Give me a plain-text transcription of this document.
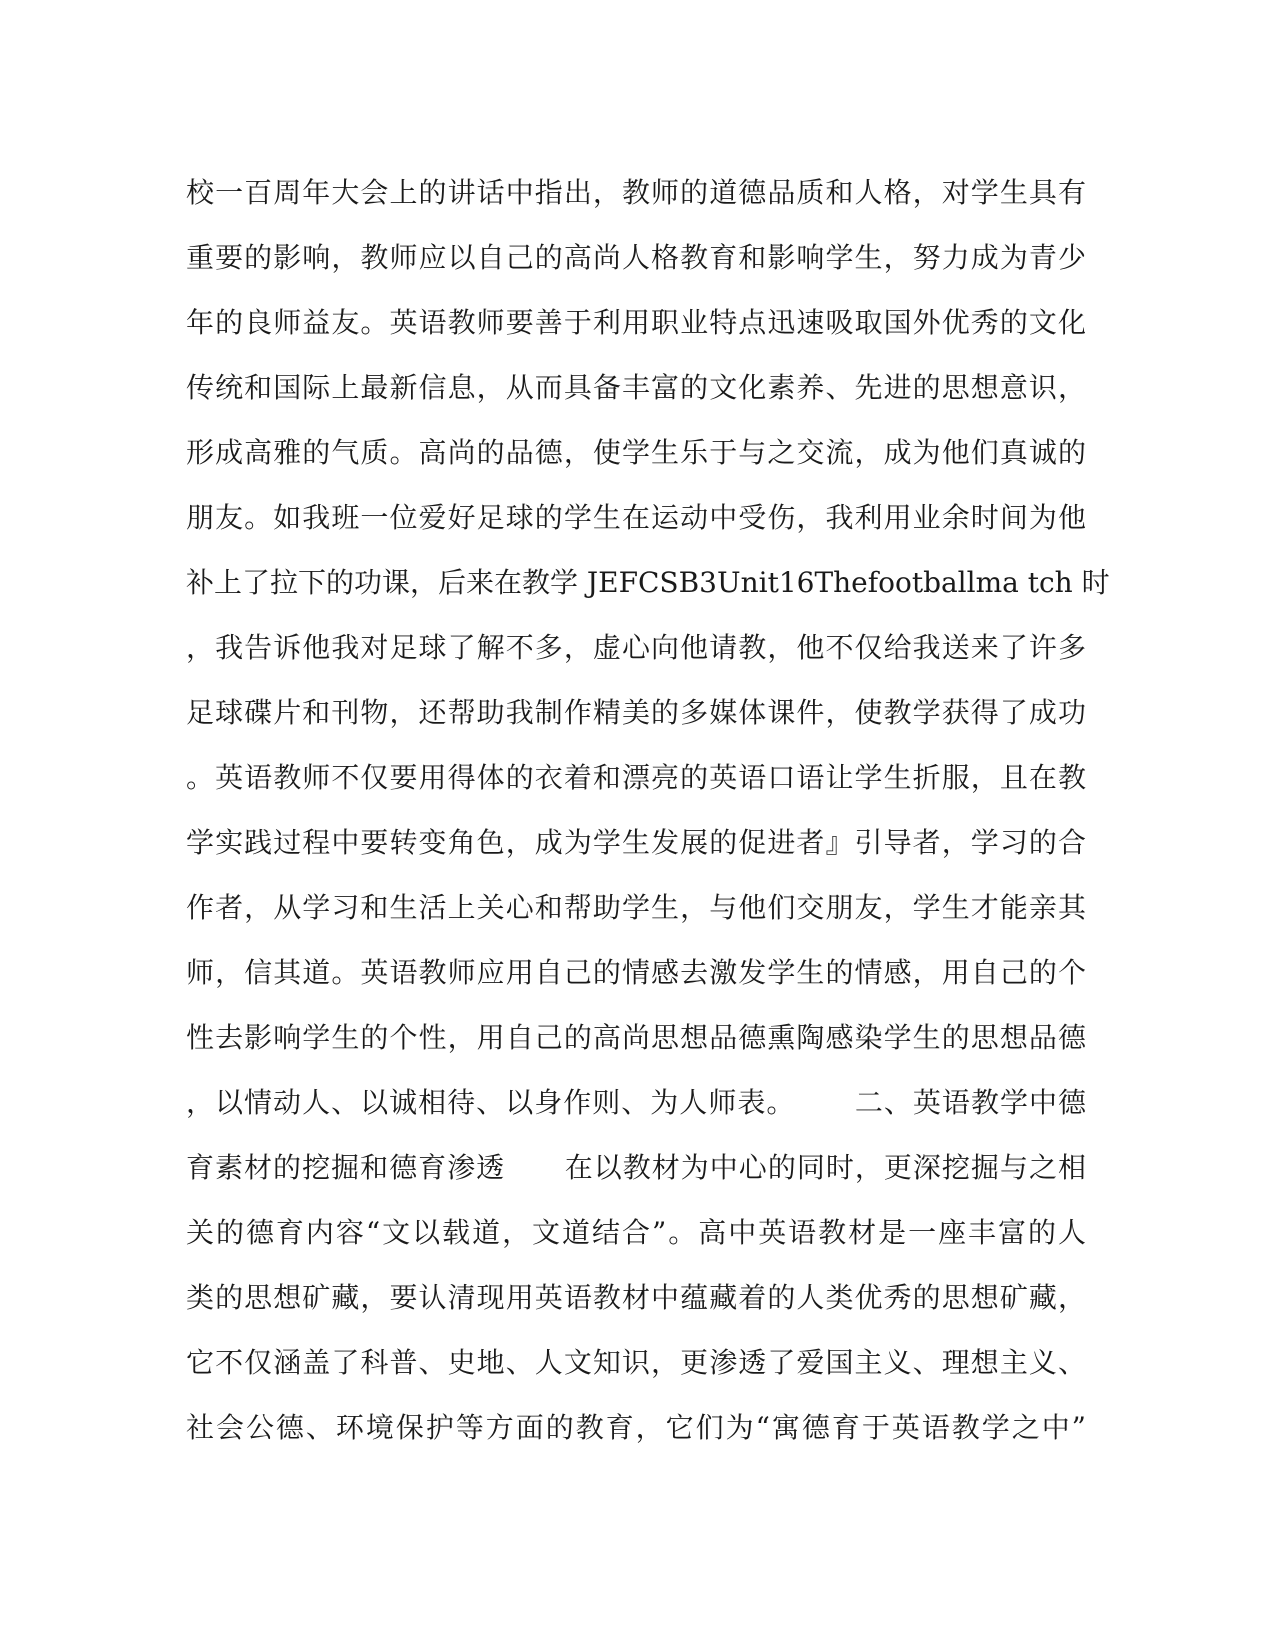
校一百周年大会上的讲话中指出，教师的道德品质和人格，对学生具有
重要的影响，教师应以自己的高尚人格教育和影响学生，努力成为青少
年的良师益友。英语教师要善于利用职业特点迅速吸取国外优秀的文化
传统和国际上最新信息，从而具备丰富的文化素养、先进的思想意识，
形成高雅的气质。高尚的品德，使学生乐于与之交流，成为他们真诚的
朋友。如我班一位爱好足球的学生在运动中受伤，我利用业余时间为他
补上了拉下的功课，后来在教学 JEFCSB3Unit16Thefootballma tch 时
，我告诉他我对足球了解不多，虚心向他请教，他不仅给我送来了许多
足球碟片和刊物，还帮助我制作精美的多媒体课件，使教学获得了成功
。英语教师不仅要用得体的衣着和漂亮的英语口语让学生折服，且在教
学实践过程中要转变角色，成为学生发展的促进者』引导者，学习的合
作者，从学习和生活上关心和帮助学生，与他们交朋友，学生才能亲其
师，信其道。英语教师应用自己的情感去激发学生的情感，用自己的个
性去影响学生的个性，用自己的高尚思想品德熏陶感染学生的思想品德
，以情动人、以诚相待、以身作则、为人师表。      二、英语教学中德
育素材的挖掘和德育渗透      在以教材为中心的同时，更深挖掘与之相
关的德育内容“文以载道，文道结合”。高中英语教材是一座丰富的人
类的思想矿藏，要认清现用英语教材中蕴藏着的人类优秀的思想矿藏，
它不仅涵盖了科普、史地、人文知识，更渗透了爱国主义、理想主义、
社会公德、环境保护等方面的教育，它们为“寓德育于英语教学之中”
